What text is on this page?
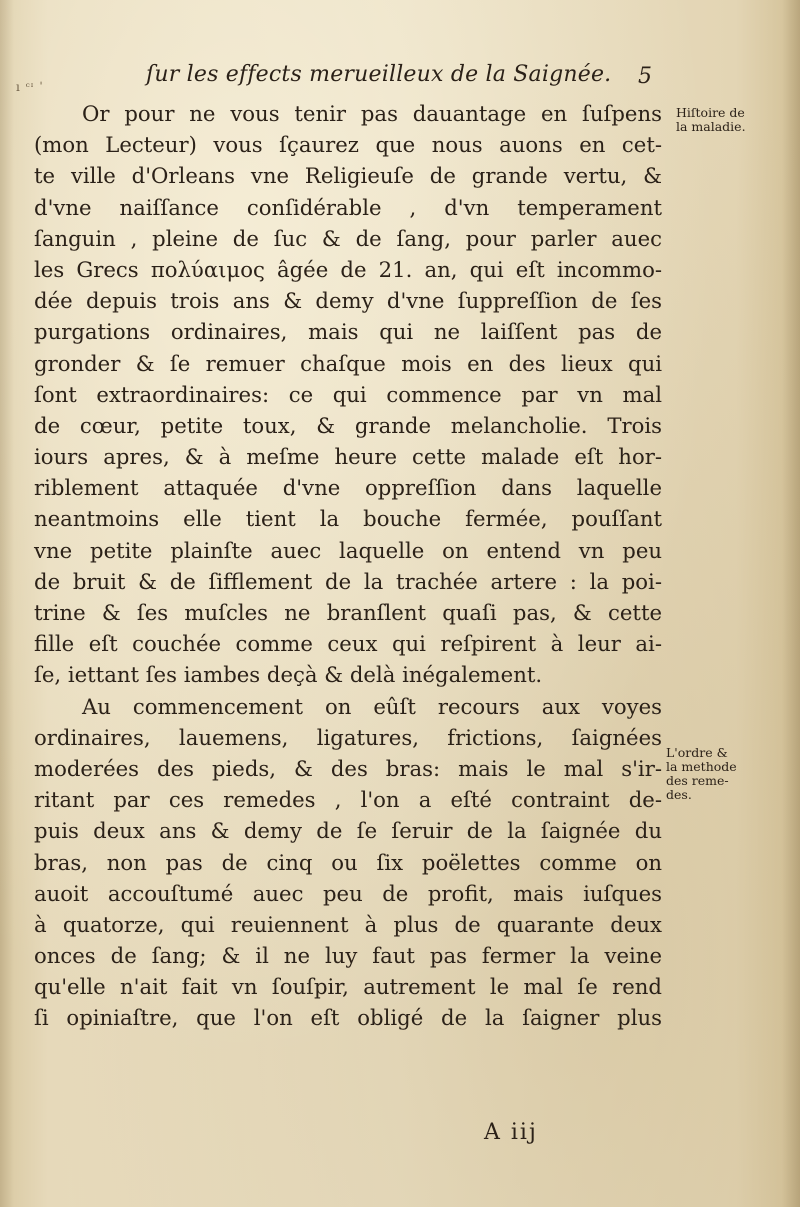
ı ᶜᶦ ˈ	ſur les effects merueilleux de la Saignée. 5
Or pour ne vous tenir pas dauantage en ſuſpens
(mon Lecteur) vous ſçaurez que nous auons en cet-
te ville d'Orleans vne Religieuſe de grande vertu, &
d'vne naiſſance conſidérable , d'vn temperament
ſanguin , pleine de ſuc & de ſang, pour parler auec
les Grecs πολύαιμος âgée de 21. an, qui eſt incommo-
dée depuis trois ans & demy d'vne ſuppreſſion de ſes
purgations ordinaires, mais qui ne laiſſent pas de
gronder & ſe remuer chaſque mois en des lieux qui
ſont extraordinaires: ce qui commence par vn mal
de cœur, petite toux, & grande melancholie. Trois
iours apres, & à meſme heure cette malade eſt hor-
riblement attaquée d'vne oppreſſion dans laquelle
neantmoins elle tient la bouche fermée, pouſſant
vne petite plainſte auec laquelle on entend vn peu
de bruit & de ſifflement de la trachée artere : la poi-
trine & ſes muſcles ne branſlent quaſi pas, & cette
fille eſt couchée comme ceux qui reſpirent à leur ai-
ſe, iettant ſes iambes deçà & delà inégalement.
Au commencement on eûſt recours aux voyes
ordinaires, lauemens, ligatures, frictions, ſaignées
moderées des pieds, & des bras: mais le mal s'ir-
ritant par ces remedes , l'on a eſté contraint de-
puis deux ans & demy de ſe ſeruir de la ſaignée du
bras, non pas de cinq ou ſix poëlettes comme on
auoit accouſtumé auec peu de profit, mais iuſques
à quatorze, qui reuiennent à plus de quarante deux
onces de ſang; & il ne luy faut pas fermer la veine
qu'elle n'ait fait vn ſouſpir, autrement le mal ſe rend
ſi opiniaſtre, que l'on eſt obligé de la ſaigner plus
Hiſtoire de
la maladie.
L'ordre &
la methode
des reme-
des.
A iij
